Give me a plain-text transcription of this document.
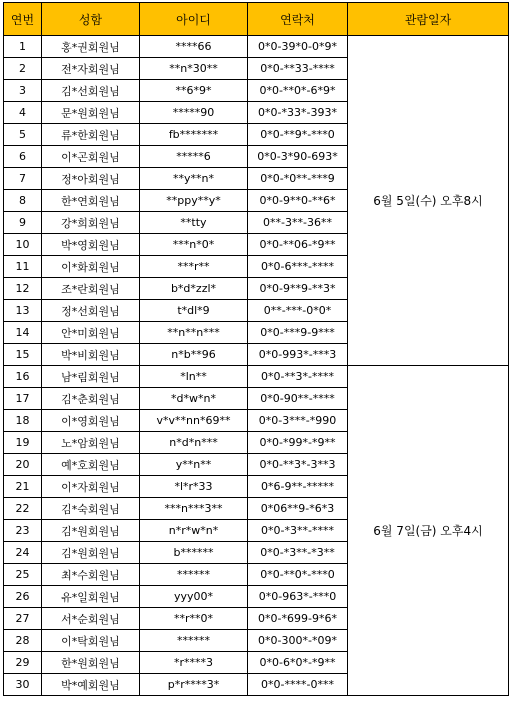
연번	성함	아이디	연락처	관람일자
1	홍*권회원님	****66	0*0-39*0-0*9*	6월 5일(수) 오후8시
2	전*자회원님	**n*30**	0*0-**33-****	
3	김*선회원님	**6*9*	0*0-**0*-6*9*	
4	문*원회원님	*****90	0*0-*33*-393*	
5	류*한회원님	fb*******	0*0-**9*-***0	
6	이*곤회원님	*****6	0*0-3*90-693*	
7	정*아회원님	**y**n*	0*0-*0**-***9	
8	한*연회원님	**ppy**y*	0*0-9**0-**6*	
9	강*희회원님	**tty	0**-3**-36**	
10	박*영회원님	***n*0*	0*0-**06-*9**	
11	이*화회원님	***r**	0*0-6***-****	
12	조*란회원님	b*d*zzl*	0*0-9**9-**3*	
13	정*선회원님	t*dl*9	0**-***-0*0*	
14	안*미회원님	**n**n***	0*0-***9-9***	
15	박*비회원님	n*b**96	0*0-993*-***3	
16	남*림회원님	*ln**	0*0-**3*-****	6월 7일(금) 오후4시
17	김*춘회원님	*d*w*n*	0*0-90**-****	
18	이*영회원님	v*v**nn*69**	0*0-3***-*990	
19	노*암회원님	n*d*n***	0*0-*99*-*9**	
20	예*호회원님	y**n**	0*0-**3*-3**3	
21	이*자회원님	*l*r*33	0*6-9**-*****	
22	김*숙회원님	***n***3**	0*06**9-*6*3	
23	김*원회원님	n*r*w*n*	0*0-*3**-****	
24	김*원회원님	b******	0*0-*3**-*3**	
25	최*수회원님	******	0*0-**0*-***0	
26	유*일회원님	yyy00*	0*0-963*-***0	
27	서*순회원님	**r**0*	0*0-*699-9*6*	
28	이*탁회원님	******	0*0-300*-*09*	
29	한*원회원님	*r****3	0*0-6*0*-*9**	
30	박*예회원님	p*r****3*	0*0-****-0***	
